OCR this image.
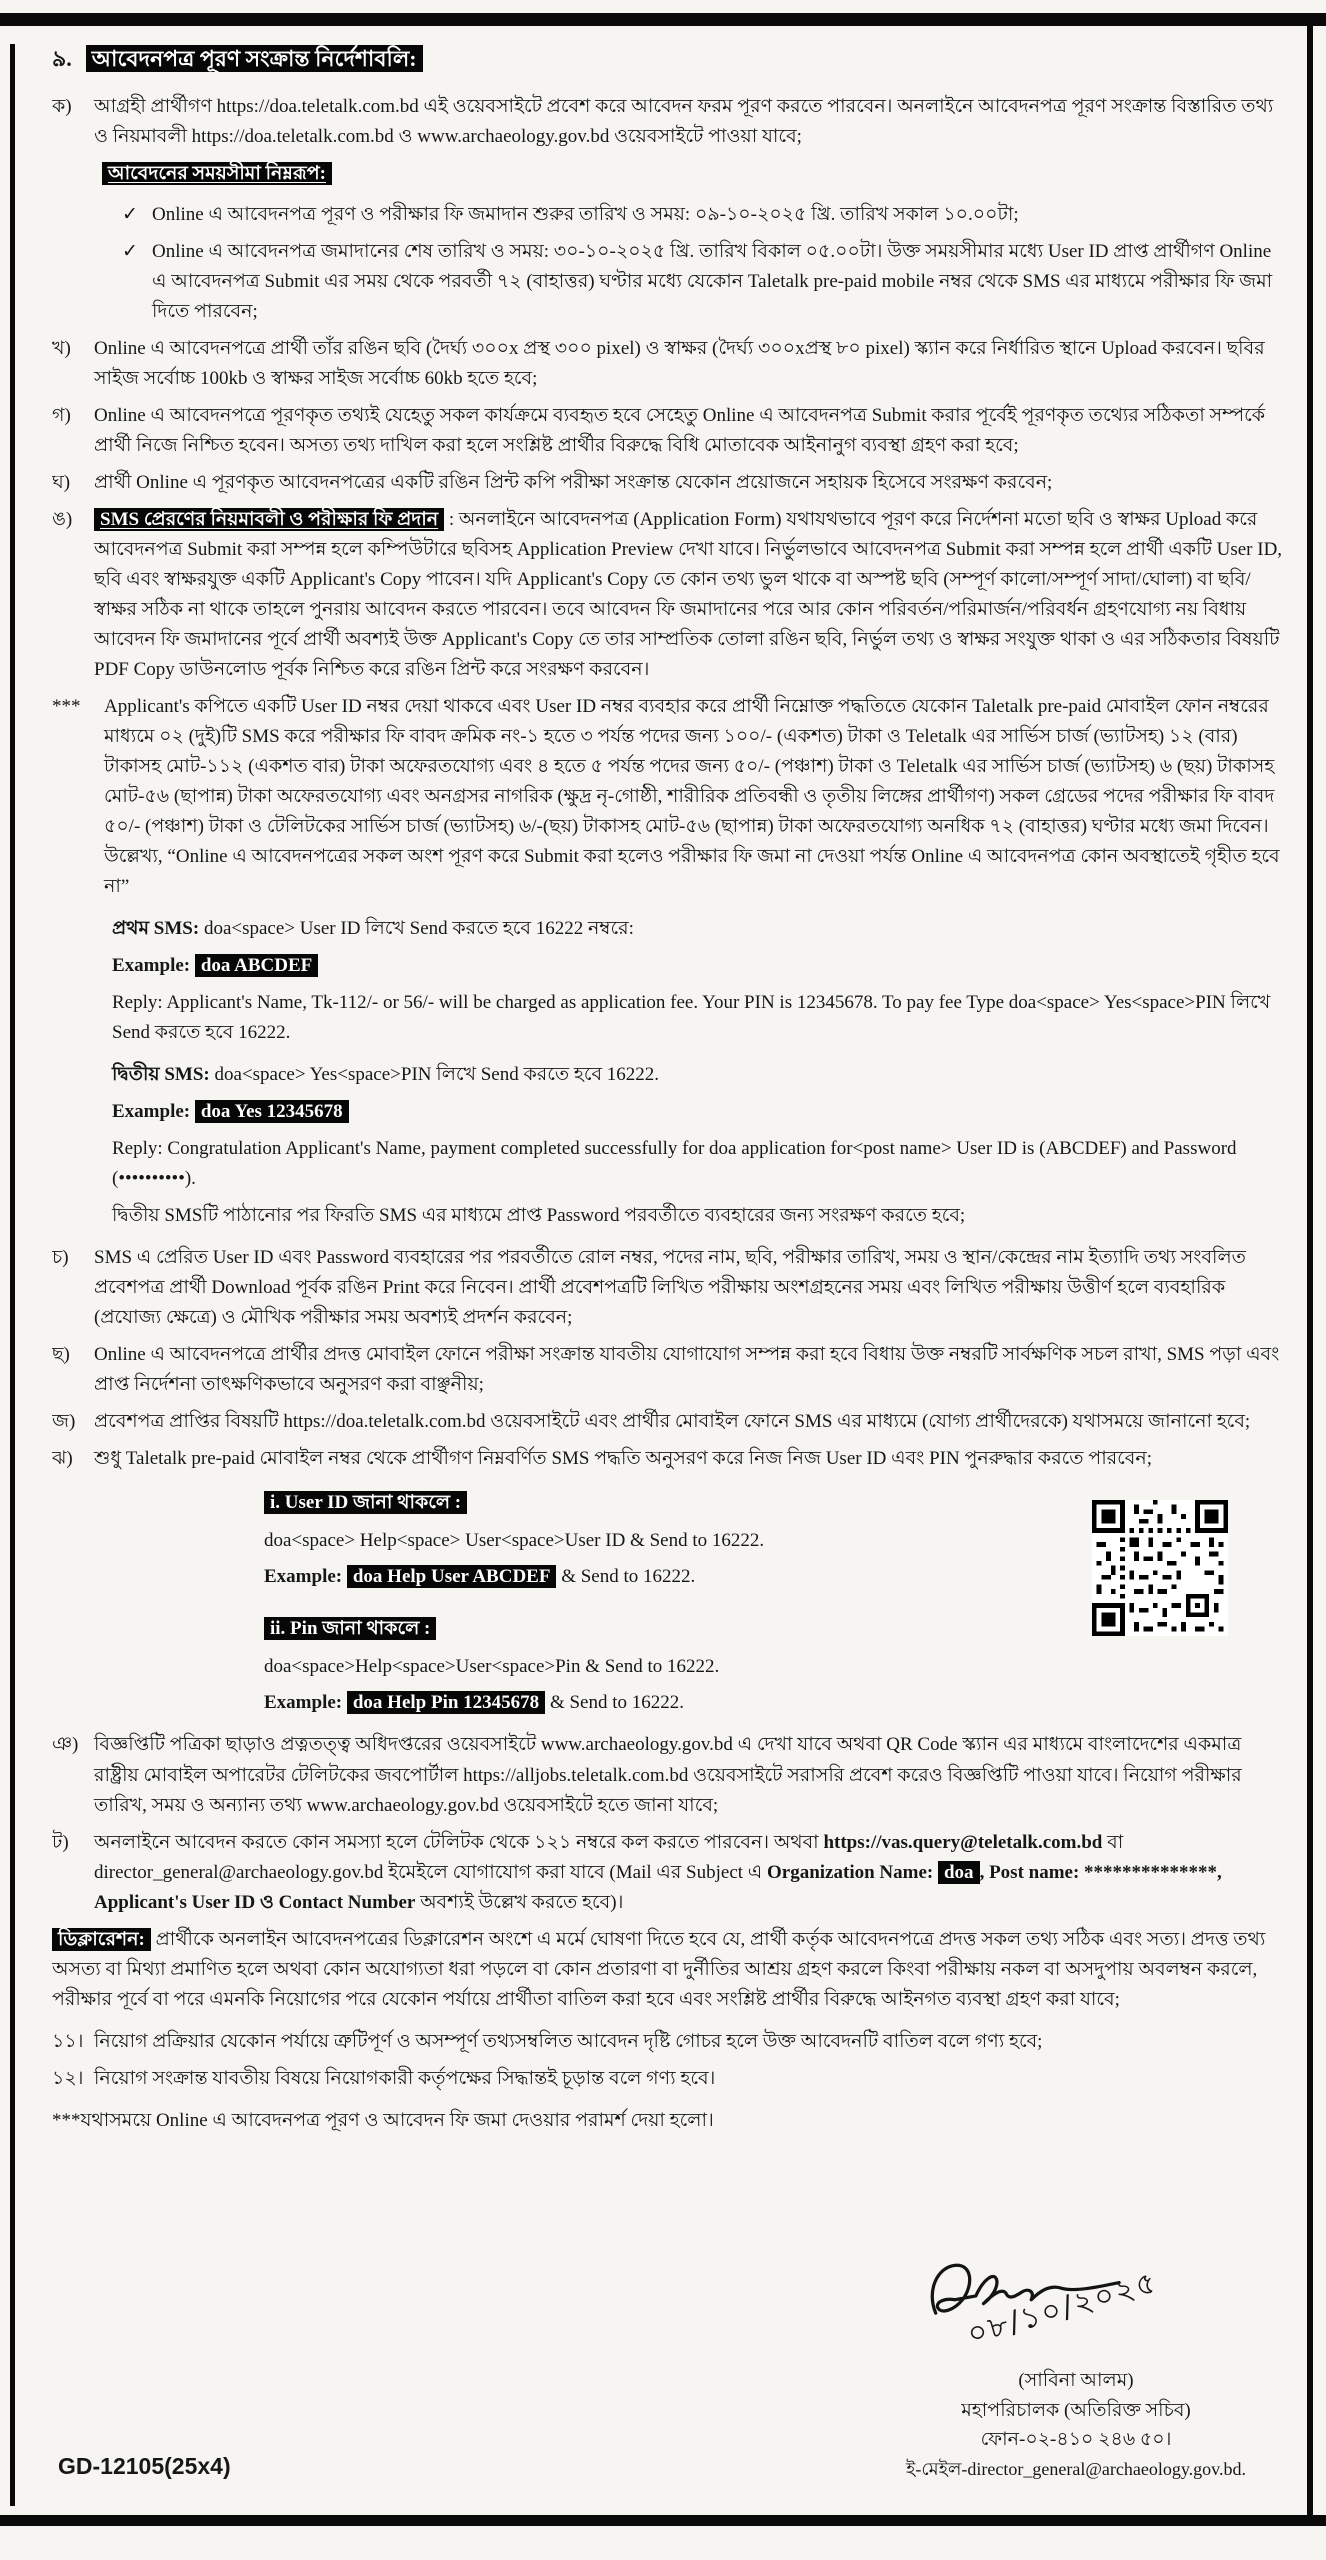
৯. আবেদনপত্র পূরণ সংক্রান্ত নির্দেশাবলি:
ক) আগ্রহী প্রার্থীগণ https://doa.teletalk.com.bd এই ওয়েবসাইটে প্রবেশ করে আবেদন ফরম পূরণ করতে পারবেন। অনলাইনে আবেদনপত্র পূরণ সংক্রান্ত বিস্তারিত তথ্য ও নিয়মাবলী https://doa.teletalk.com.bd ও www.archaeology.gov.bd ওয়েবসাইটে পাওয়া যাবে;
আবেদনের সময়সীমা নিম্নরূপ:
✓ Online এ আবেদনপত্র পূরণ ও পরীক্ষার ফি জমাদান শুরুর তারিখ ও সময়: ০৯-১০-২০২৫ খ্রি. তারিখ সকাল ১০.০০টা;
✓ Online এ আবেদনপত্র জমাদানের শেষ তারিখ ও সময়: ৩০-১০-২০২৫ খ্রি. তারিখ বিকাল ০৫.০০টা। উক্ত সময়সীমার মধ্যে User ID প্রাপ্ত প্রার্থীগণ Online এ আবেদনপত্র Submit এর সময় থেকে পরবর্তী ৭২ (বাহাত্তর) ঘণ্টার মধ্যে যেকোন Taletalk pre-paid mobile নম্বর থেকে SMS এর মাধ্যমে পরীক্ষার ফি জমা দিতে পারবেন;
খ) Online এ আবেদনপত্রে প্রার্থী তাঁর রঙিন ছবি (দৈর্ঘ্য ৩০০x প্রস্থ ৩০০ pixel) ও স্বাক্ষর (দৈর্ঘ্য ৩০০xপ্রস্থ ৮০ pixel) স্ক্যান করে নির্ধারিত স্থানে Upload করবেন। ছবির সাইজ সর্বোচ্চ 100kb ও স্বাক্ষর সাইজ সর্বোচ্চ 60kb হতে হবে;
গ) Online এ আবেদনপত্রে পূরণকৃত তথ্যই যেহেতু সকল কার্যক্রমে ব্যবহৃত হবে সেহেতু Online এ আবেদনপত্র Submit করার পূর্বেই পূরণকৃত তথ্যের সঠিকতা সম্পর্কে প্রার্থী নিজে নিশ্চিত হবেন। অসত্য তথ্য দাখিল করা হলে সংশ্লিষ্ট প্রার্থীর বিরুদ্ধে বিধি মোতাবেক আইনানুগ ব্যবস্থা গ্রহণ করা হবে;
ঘ) প্রার্থী Online এ পূরণকৃত আবেদনপত্রের একটি রঙিন প্রিন্ট কপি পরীক্ষা সংক্রান্ত যেকোন প্রয়োজনে সহায়ক হিসেবে সংরক্ষণ করবেন;
ঙ) SMS প্রেরণের নিয়মাবলী ও পরীক্ষার ফি প্রদান : অনলাইনে আবেদনপত্র (Application Form) যথাযথভাবে পূরণ করে নির্দেশনা মতো ছবি ও স্বাক্ষর Upload করে আবেদনপত্র Submit করা সম্পন্ন হলে কম্পিউটারে ছবিসহ Application Preview দেখা যাবে। নির্ভুলভাবে আবেদনপত্র Submit করা সম্পন্ন হলে প্রার্থী একটি User ID, ছবি এবং স্বাক্ষরযুক্ত একটি Applicant's Copy পাবেন। যদি Applicant's Copy তে কোন তথ্য ভুল থাকে বা অস্পষ্ট ছবি (সম্পূর্ণ কালো/সম্পূর্ণ সাদা/ঘোলা) বা ছবি/স্বাক্ষর সঠিক না থাকে তাহলে পুনরায় আবেদন করতে পারবেন। তবে আবেদন ফি জমাদানের পরে আর কোন পরিবর্তন/পরিমার্জন/পরিবর্ধন গ্রহণযোগ্য নয় বিধায় আবেদন ফি জমাদানের পূর্বে প্রার্থী অবশ্যই উক্ত Applicant's Copy তে তার সাম্প্রতিক তোলা রঙিন ছবি, নির্ভুল তথ্য ও স্বাক্ষর সংযুক্ত থাকা ও এর সঠিকতার বিষয়টি PDF Copy ডাউনলোড পূর্বক নিশ্চিত করে রঙিন প্রিন্ট করে সংরক্ষণ করবেন।
*** Applicant's কপিতে একটি User ID নম্বর দেয়া থাকবে এবং User ID নম্বর ব্যবহার করে প্রার্থী নিম্নোক্ত পদ্ধতিতে যেকোন Taletalk pre-paid মোবাইল ফোন নম্বরের মাধ্যমে ০২ (দুই)টি SMS করে পরীক্ষার ফি বাবদ ক্রমিক নং-১ হতে ৩ পর্যন্ত পদের জন্য ১০০/- (একশত) টাকা ও Teletalk এর সার্ভিস চার্জ (ভ্যাটসহ) ১২ (বার) টাকাসহ মোট-১১২ (একশত বার) টাকা অফেরতযোগ্য এবং ৪ হতে ৫ পর্যন্ত পদের জন্য ৫০/- (পঞ্চাশ) টাকা ও Teletalk এর সার্ভিস চার্জ (ভ্যাটসহ) ৬ (ছয়) টাকাসহ মোট-৫৬ (ছাপান্ন) টাকা অফেরতযোগ্য এবং অনগ্রসর নাগরিক (ক্ষুদ্র নৃ-গোষ্ঠী, শারীরিক প্রতিবন্ধী ও তৃতীয় লিঙ্গের প্রার্থীগণ) সকল গ্রেডের পদের পরীক্ষার ফি বাবদ ৫০/- (পঞ্চাশ) টাকা ও টেলিটকের সার্ভিস চার্জ (ভ্যাটসহ) ৬/-(ছয়) টাকাসহ মোট-৫৬ (ছাপান্ন) টাকা অফেরতযোগ্য অনধিক ৭২ (বাহাত্তর) ঘণ্টার মধ্যে জমা দিবেন। উল্লেখ্য, “Online এ আবেদনপত্রের সকল অংশ পূরণ করে Submit করা হলেও পরীক্ষার ফি জমা না দেওয়া পর্যন্ত Online এ আবেদনপত্র কোন অবস্থাতেই গৃহীত হবে না”
প্রথম SMS: doa<space> User ID লিখে Send করতে হবে 16222 নম্বরে:
Example: doa ABCDEF
Reply: Applicant's Name, Tk-112/- or 56/- will be charged as application fee. Your PIN is 12345678. To pay fee Type doa<space> Yes<space>PIN লিখে Send করতে হবে 16222.
দ্বিতীয় SMS: doa<space> Yes<space>PIN লিখে Send করতে হবে 16222.
Example: doa Yes 12345678
Reply: Congratulation Applicant's Name, payment completed successfully for doa application for<post name> User ID is (ABCDEF) and Password (••••••••••).
দ্বিতীয় SMSটি পাঠানোর পর ফিরতি SMS এর মাধ্যমে প্রাপ্ত Password পরবর্তীতে ব্যবহারের জন্য সংরক্ষণ করতে হবে;
চ) SMS এ প্রেরিত User ID এবং Password ব্যবহারের পর পরবর্তীতে রোল নম্বর, পদের নাম, ছবি, পরীক্ষার তারিখ, সময় ও স্থান/কেন্দ্রের নাম ইত্যাদি তথ্য সংবলিত প্রবেশপত্র প্রার্থী Download পূর্বক রঙিন Print করে নিবেন। প্রার্থী প্রবেশপত্রটি লিখিত পরীক্ষায় অংশগ্রহনের সময় এবং লিখিত পরীক্ষায় উত্তীর্ণ হলে ব্যবহারিক (প্রযোজ্য ক্ষেত্রে) ও মৌখিক পরীক্ষার সময় অবশ্যই প্রদর্শন করবেন;
ছ) Online এ আবেদনপত্রে প্রার্থীর প্রদত্ত মোবাইল ফোনে পরীক্ষা সংক্রান্ত যাবতীয় যোগাযোগ সম্পন্ন করা হবে বিধায় উক্ত নম্বরটি সার্বক্ষণিক সচল রাখা, SMS পড়া এবং প্রাপ্ত নির্দেশনা তাৎক্ষণিকভাবে অনুসরণ করা বাঞ্ছনীয়;
জ) প্রবেশপত্র প্রাপ্তির বিষয়টি https://doa.teletalk.com.bd ওয়েবসাইটে এবং প্রার্থীর মোবাইল ফোনে SMS এর মাধ্যমে (যোগ্য প্রার্থীদেরকে) যথাসময়ে জানানো হবে;
ঝ) শুধু Taletalk pre-paid মোবাইল নম্বর থেকে প্রার্থীগণ নিম্নবর্ণিত SMS পদ্ধতি অনুসরণ করে নিজ নিজ User ID এবং PIN পুনরুদ্ধার করতে পারবেন;
i. User ID জানা থাকলে :
doa<space> Help<space> User<space>User ID & Send to 16222.
Example: doa Help User ABCDEF & Send to 16222.
ii. Pin জানা থাকলে :
doa<space>Help<space>User<space>Pin & Send to 16222.
Example: doa Help Pin 12345678 & Send to 16222.
ঞ) বিজ্ঞপ্তিটি পত্রিকা ছাড়াও প্রত্নতত্ত্ব অধিদপ্তরের ওয়েবসাইটে www.archaeology.gov.bd এ দেখা যাবে অথবা QR Code স্ক্যান এর মাধ্যমে বাংলাদেশের একমাত্র রাষ্ট্রীয় মোবাইল অপারেটর টেলিটকের জবপোর্টাল https://alljobs.teletalk.com.bd ওয়েবসাইটে সরাসরি প্রবেশ করেও বিজ্ঞপ্তিটি পাওয়া যাবে। নিয়োগ পরীক্ষার তারিখ, সময় ও অন্যান্য তথ্য www.archaeology.gov.bd ওয়েবসাইটে হতে জানা যাবে;
ট) অনলাইনে আবেদন করতে কোন সমস্যা হলে টেলিটক থেকে ১২১ নম্বরে কল করতে পারবেন। অথবা https://vas.query@teletalk.com.bd বা director_general@archaeology.gov.bd ইমেইলে যোগাযোগ করা যাবে (Mail এর Subject এ Organization Name: doa , Post name: **************, Applicant's User ID ও Contact Number অবশ্যই উল্লেখ করতে হবে)।
ডিক্লারেশন: প্রার্থীকে অনলাইন আবেদনপত্রের ডিক্লারেশন অংশে এ মর্মে ঘোষণা দিতে হবে যে, প্রার্থী কর্তৃক আবেদনপত্রে প্রদত্ত সকল তথ্য সঠিক এবং সত্য। প্রদত্ত তথ্য অসত্য বা মিথ্যা প্রমাণিত হলে অথবা কোন অযোগ্যতা ধরা পড়লে বা কোন প্রতারণা বা দুর্নীতির আশ্রয় গ্রহণ করলে কিংবা পরীক্ষায় নকল বা অসদুপায় অবলম্বন করলে, পরীক্ষার পূর্বে বা পরে এমনকি নিয়োগের পরে যেকোন পর্যায়ে প্রার্থীতা বাতিল করা হবে এবং সংশ্লিষ্ট প্রার্থীর বিরুদ্ধে আইনগত ব্যবস্থা গ্রহণ করা যাবে;
১১। নিয়োগ প্রক্রিয়ার যেকোন পর্যায়ে ত্রুটিপূর্ণ ও অসম্পূর্ণ তথ্যসম্বলিত আবেদন দৃষ্টি গোচর হলে উক্ত আবেদনটি বাতিল বলে গণ্য হবে;
১২। নিয়োগ সংক্রান্ত যাবতীয় বিষয়ে নিয়োগকারী কর্তৃপক্ষের সিদ্ধান্তই চূড়ান্ত বলে গণ্য হবে।
***যথাসময়ে Online এ আবেদনপত্র পূরণ ও আবেদন ফি জমা দেওয়ার পরামর্শ দেয়া হলো।
০৮/১০/২০২৫
(সাবিনা আলম)
মহাপরিচালক (অতিরিক্ত সচিব)
ফোন-০২-৪১০ ২৪৬ ৫০।
ই-মেইল-director_general@archaeology.gov.bd.
GD-12105(25x4)
